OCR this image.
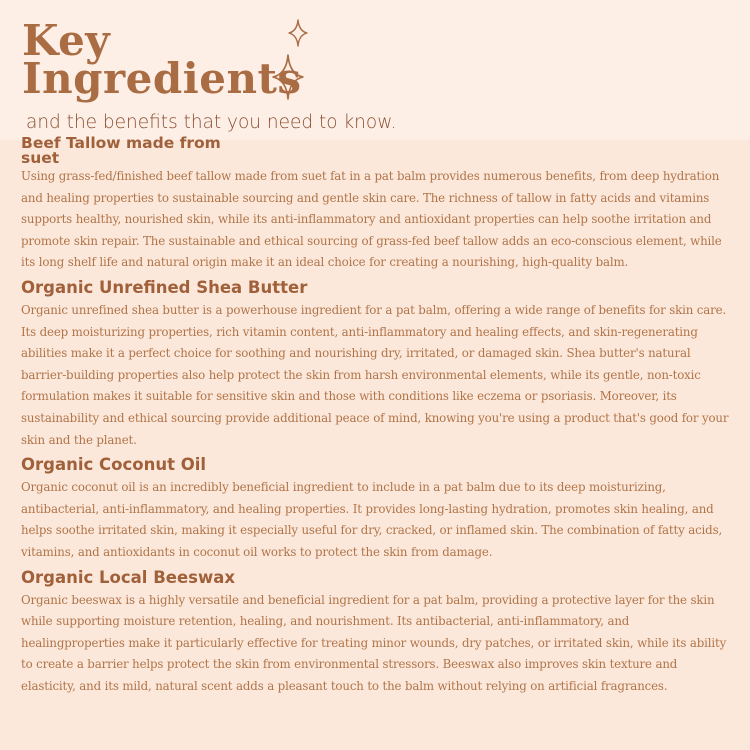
Key
Ingredients

and the benefits that you need to know.

Beef Tallow made from suet

Using grass-fed/finished beef tallow made from suet fat in a pat balm provides numerous benefits, from deep hydration and healing properties to sustainable sourcing and gentle skin care. The richness of tallow in fatty acids and vitamins supports healthy, nourished skin, while its anti-inflammatory and antioxidant properties can help soothe irritation and promote skin repair. The sustainable and ethical sourcing of grass-fed beef tallow adds an eco-conscious element, while its long shelf life and natural origin make it an ideal choice for creating a nourishing, high-quality balm.

Organic Unrefined Shea Butter

Organic unrefined shea butter is a powerhouse ingredient for a pat balm, offering a wide range of benefits for skin care. Its deep moisturizing properties, rich vitamin content, anti-inflammatory and healing effects, and skin-regenerating abilities make it a perfect choice for soothing and nourishing dry, irritated, or damaged skin. Shea butter's natural barrier-building properties also help protect the skin from harsh environmental elements, while its gentle, non-toxic formulation makes it suitable for sensitive skin and those with conditions like eczema or psoriasis. Moreover, its sustainability and ethical sourcing provide additional peace of mind, knowing you're using a product that's good for your skin and the planet.

Organic Coconut Oil

Organic coconut oil is an incredibly beneficial ingredient to include in a pat balm due to its deep moisturizing, antibacterial, anti-inflammatory, and healing properties. It provides long-lasting hydration, promotes skin healing, and helps soothe irritated skin, making it especially useful for dry, cracked, or inflamed skin. The combination of fatty acids, vitamins, and antioxidants in coconut oil works to protect the skin from damage.

Organic Local Beeswax

Organic beeswax is a highly versatile and beneficial ingredient for a pat balm, providing a protective layer for the skin while supporting moisture retention, healing, and nourishment. Its antibacterial, anti-inflammatory, and healingproperties make it particularly effective for treating minor wounds, dry patches, or irritated skin, while its ability to create a barrier helps protect the skin from environmental stressors. Beeswax also improves skin texture and elasticity, and its mild, natural scent adds a pleasant touch to the balm without relying on artificial fragrances.
